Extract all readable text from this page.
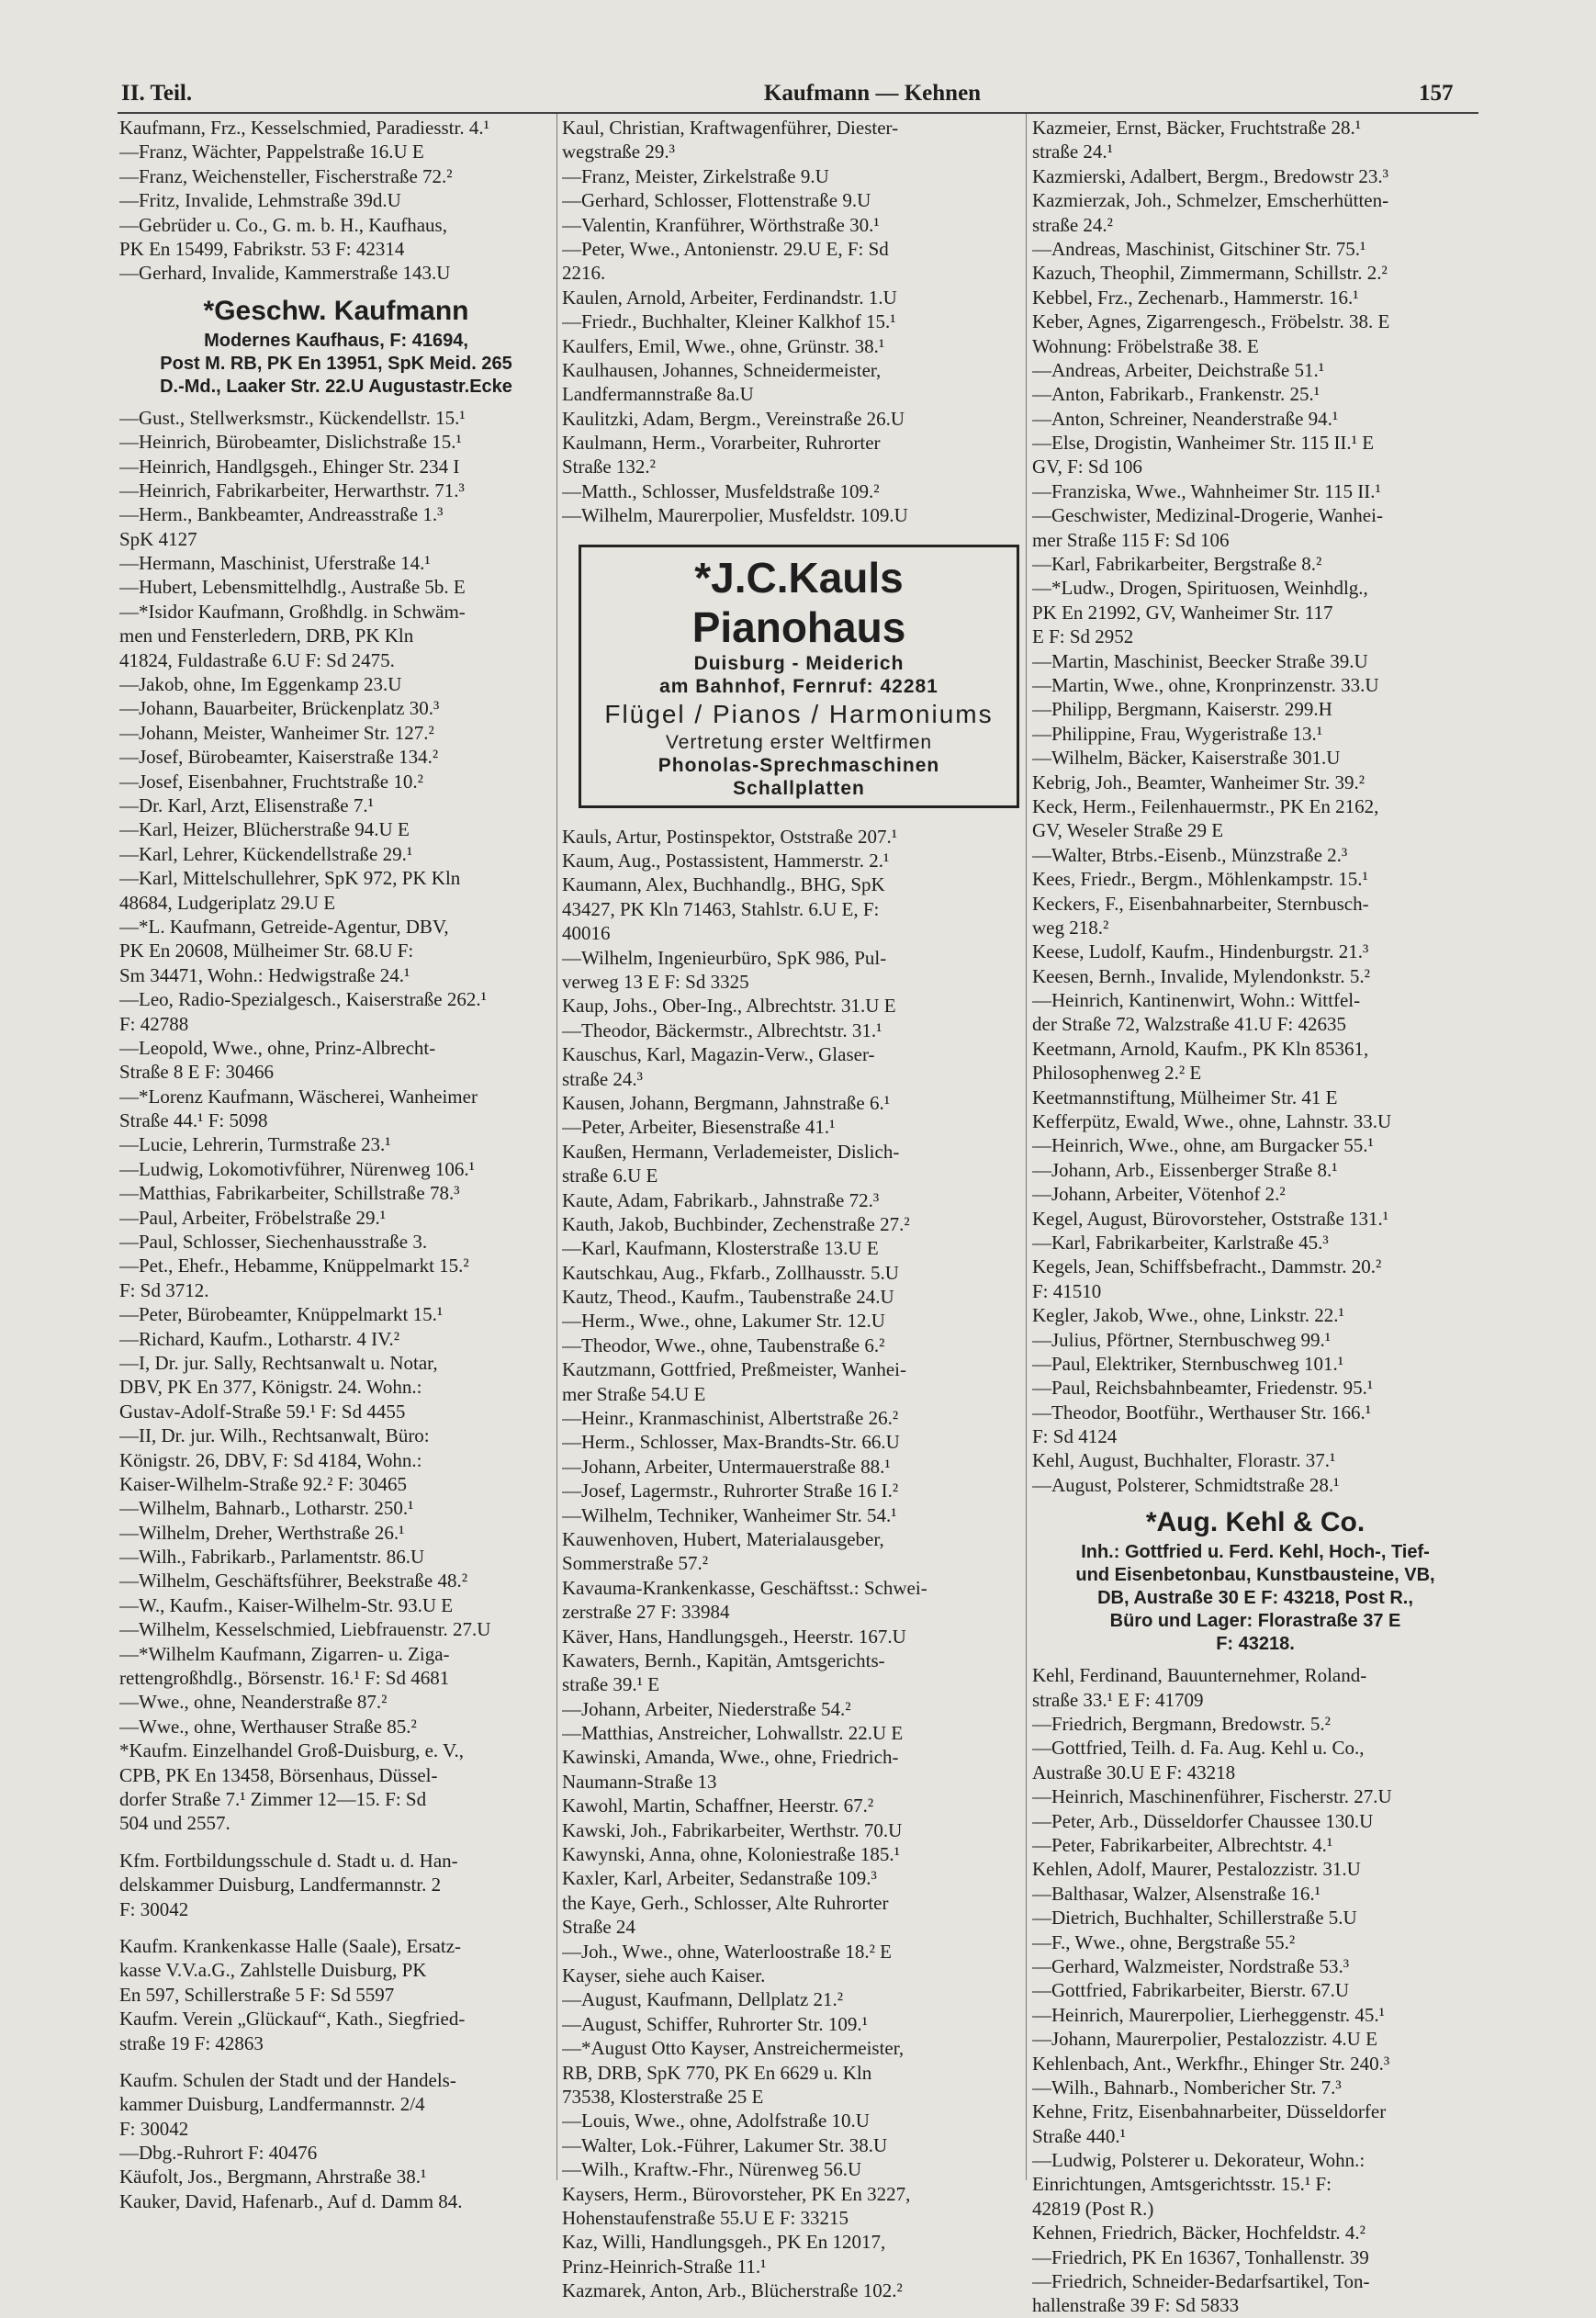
II. Teil.	Kaufmann — Kehnen	157
Kaufmann, Frz., Kesselschmied, Paradiesstr. 4.¹
—Franz, Wächter, Pappelstraße 16.U E
—Franz, Weichensteller, Fischerstraße 72.²
—Fritz, Invalide, Lehmstraße 39d.U
—Gebrüder u. Co., G. m. b. H., Kaufhaus,
PK En 15499, Fabrikstr. 53 F: 42314
—Gerhard, Invalide, Kammerstraße 143.U
*Geschw. Kaufmann
Modernes Kaufhaus, F: 41694,
Post M. RB, PK En 13951, SpK Meid. 265
D.-Md., Laaker Str. 22.U Augustastr.Ecke
—Gust., Stellwerksmstr., Kückendellstr. 15.¹
—Heinrich, Bürobeamter, Dislichstraße 15.¹
—Heinrich, Handlgsgeh., Ehinger Str. 234 I
—Heinrich, Fabrikarbeiter, Herwarthstr. 71.³
—Herm., Bankbeamter, Andreasstraße 1.³
SpK 4127
—Hermann, Maschinist, Uferstraße 14.¹
—Hubert, Lebensmittelhdlg., Austraße 5b. E
—*Isidor Kaufmann, Großhdlg. in Schwäm-
men und Fensterledern, DRB, PK Kln
41824, Fuldastraße 6.U F: Sd 2475.
—Jakob, ohne, Im Eggenkamp 23.U
—Johann, Bauarbeiter, Brückenplatz 30.³
—Johann, Meister, Wanheimer Str. 127.²
—Josef, Bürobeamter, Kaiserstraße 134.²
—Josef, Eisenbahner, Fruchtstraße 10.²
—Dr. Karl, Arzt, Elisenstraße 7.¹
—Karl, Heizer, Blücherstraße 94.U E
—Karl, Lehrer, Kückendellstraße 29.¹
—Karl, Mittelschullehrer, SpK 972, PK Kln
48684, Ludgeriplatz 29.U E
—*L. Kaufmann, Getreide-Agentur, DBV,
PK En 20608, Mülheimer Str. 68.U F:
Sm 34471, Wohn.: Hedwigstraße 24.¹
—Leo, Radio-Spezialgesch., Kaiserstraße 262.¹
F: 42788
—Leopold, Wwe., ohne, Prinz-Albrecht-
Straße 8 E F: 30466
—*Lorenz Kaufmann, Wäscherei, Wanheimer
Straße 44.¹ F: 5098
—Lucie, Lehrerin, Turmstraße 23.¹
—Ludwig, Lokomotivführer, Nürenweg 106.¹
—Matthias, Fabrikarbeiter, Schillstraße 78.³
—Paul, Arbeiter, Fröbelstraße 29.¹
—Paul, Schlosser, Siechenhausstraße 3.
—Pet., Ehefr., Hebamme, Knüppelmarkt 15.²
F: Sd 3712.
—Peter, Bürobeamter, Knüppelmarkt 15.¹
—Richard, Kaufm., Lotharstr. 4 IV.²
—I, Dr. jur. Sally, Rechtsanwalt u. Notar,
DBV, PK En 377, Königstr. 24. Wohn.:
Gustav-Adolf-Straße 59.¹ F: Sd 4455
—II, Dr. jur. Wilh., Rechtsanwalt, Büro:
Königstr. 26, DBV, F: Sd 4184, Wohn.:
Kaiser-Wilhelm-Straße 92.² F: 30465
—Wilhelm, Bahnarb., Lotharstr. 250.¹
—Wilhelm, Dreher, Werthstraße 26.¹
—Wilh., Fabrikarb., Parlamentstr. 86.U
—Wilhelm, Geschäftsführer, Beekstraße 48.²
—W., Kaufm., Kaiser-Wilhelm-Str. 93.U E
—Wilhelm, Kesselschmied, Liebfrauenstr. 27.U
—*Wilhelm Kaufmann, Zigarren- u. Ziga-
rettengroßhdlg., Börsenstr. 16.¹ F: Sd 4681
—Wwe., ohne, Neanderstraße 87.²
—Wwe., ohne, Werthauser Straße 85.²
*Kaufm. Einzelhandel Groß-Duisburg, e. V.,
CPB, PK En 13458, Börsenhaus, Düssel-
dorfer Straße 7.¹ Zimmer 12—15. F: Sd
504 und 2557.
Kfm. Fortbildungsschule d. Stadt u. d. Han-
delskammer Duisburg, Landfermannstr. 2
F: 30042
Kaufm. Krankenkasse Halle (Saale), Ersatz-
kasse V.V.a.G., Zahlstelle Duisburg, PK
En 597, Schillerstraße 5 F: Sd 5597
Kaufm. Verein „Glückauf“, Kath., Siegfried-
straße 19 F: 42863
Kaufm. Schulen der Stadt und der Handels-
kammer Duisburg, Landfermannstr. 2/4
F: 30042
—Dbg.-Ruhrort F: 40476
Käufolt, Jos., Bergmann, Ahrstraße 38.¹
Kauker, David, Hafenarb., Auf d. Damm 84.
Kaul, Christian, Kraftwagenführer, Diester-
wegstraße 29.³
—Franz, Meister, Zirkelstraße 9.U
—Gerhard, Schlosser, Flottenstraße 9.U
—Valentin, Kranführer, Wörthstraße 30.¹
—Peter, Wwe., Antonienstr. 29.U E, F: Sd
2216.
Kaulen, Arnold, Arbeiter, Ferdinandstr. 1.U
—Friedr., Buchhalter, Kleiner Kalkhof 15.¹
Kaulfers, Emil, Wwe., ohne, Grünstr. 38.¹
Kaulhausen, Johannes, Schneidermeister,
Landfermannstraße 8a.U
Kaulitzki, Adam, Bergm., Vereinstraße 26.U
Kaulmann, Herm., Vorarbeiter, Ruhrorter
Straße 132.²
—Matth., Schlosser, Musfeldstraße 109.²
—Wilhelm, Maurerpolier, Musfeldstr. 109.U
*J.C.Kauls Pianohaus
Duisburg - Meiderich
am Bahnhof, Fernruf: 42281
Flügel / Pianos / Harmoniums
Vertretung erster Weltfirmen
Phonolas-Sprechmaschinen
Schallplatten
Kauls, Artur, Postinspektor, Oststraße 207.¹
Kaum, Aug., Postassistent, Hammerstr. 2.¹
Kaumann, Alex, Buchhandlg., BHG, SpK
43427, PK Kln 71463, Stahlstr. 6.U E, F:
40016
—Wilhelm, Ingenieurbüro, SpK 986, Pul-
verweg 13 E F: Sd 3325
Kaup, Johs., Ober-Ing., Albrechtstr. 31.U E
—Theodor, Bäckermstr., Albrechtstr. 31.¹
Kauschus, Karl, Magazin-Verw., Glaser-
straße 24.³
Kausen, Johann, Bergmann, Jahnstraße 6.¹
—Peter, Arbeiter, Biesenstraße 41.¹
Kaußen, Hermann, Verlademeister, Dislich-
straße 6.U E
Kaute, Adam, Fabrikarb., Jahnstraße 72.³
Kauth, Jakob, Buchbinder, Zechenstraße 27.²
—Karl, Kaufmann, Klosterstraße 13.U E
Kautschkau, Aug., Fkfarb., Zollhausstr. 5.U
Kautz, Theod., Kaufm., Taubenstraße 24.U
—Herm., Wwe., ohne, Lakumer Str. 12.U
—Theodor, Wwe., ohne, Taubenstraße 6.²
Kautzmann, Gottfried, Preßmeister, Wanhei-
mer Straße 54.U E
—Heinr., Kranmaschinist, Albertstraße 26.²
—Herm., Schlosser, Max-Brandts-Str. 66.U
—Johann, Arbeiter, Untermauerstraße 88.¹
—Josef, Lagermstr., Ruhrorter Straße 16 I.²
—Wilhelm, Techniker, Wanheimer Str. 54.¹
Kauwenhoven, Hubert, Materialausgeber,
Sommerstraße 57.²
Kavauma-Krankenkasse, Geschäftsst.: Schwei-
zerstraße 27 F: 33984
Käver, Hans, Handlungsgeh., Heerstr. 167.U
Kawaters, Bernh., Kapitän, Amtsgerichts-
straße 39.¹ E
—Johann, Arbeiter, Niederstraße 54.²
—Matthias, Anstreicher, Lohwallstr. 22.U E
Kawinski, Amanda, Wwe., ohne, Friedrich-
Naumann-Straße 13
Kawohl, Martin, Schaffner, Heerstr. 67.²
Kawski, Joh., Fabrikarbeiter, Werthstr. 70.U
Kawynski, Anna, ohne, Koloniestraße 185.¹
Kaxler, Karl, Arbeiter, Sedanstraße 109.³
the Kaye, Gerh., Schlosser, Alte Ruhrorter
Straße 24
—Joh., Wwe., ohne, Waterloostraße 18.² E
Kayser, siehe auch Kaiser.
—August, Kaufmann, Dellplatz 21.²
—August, Schiffer, Ruhrorter Str. 109.¹
—*August Otto Kayser, Anstreichermeister,
RB, DRB, SpK 770, PK En 6629 u. Kln
73538, Klosterstraße 25 E
—Louis, Wwe., ohne, Adolfstraße 10.U
—Walter, Lok.-Führer, Lakumer Str. 38.U
—Wilh., Kraftw.-Fhr., Nürenweg 56.U
Kaysers, Herm., Bürovorsteher, PK En 3227,
Hohenstaufenstraße 55.U E F: 33215
Kaz, Willi, Handlungsgeh., PK En 12017,
Prinz-Heinrich-Straße 11.¹
Kazmarek, Anton, Arb., Blücherstraße 102.²
Kazmeier, Ernst, Bäcker, Fruchtstraße 28.¹
straße 24.¹
Kazmierski, Adalbert, Bergm., Bredowstr 23.³
Kazmierzak, Joh., Schmelzer, Emscherhütten-
straße 24.²
—Andreas, Maschinist, Gitschiner Str. 75.¹
Kazuch, Theophil, Zimmermann, Schillstr. 2.²
Kebbel, Frz., Zechenarb., Hammerstr. 16.¹
Keber, Agnes, Zigarrengesch., Fröbelstr. 38. E
Wohnung: Fröbelstraße 38. E
—Andreas, Arbeiter, Deichstraße 51.¹
—Anton, Fabrikarb., Frankenstr. 25.¹
—Anton, Schreiner, Neanderstraße 94.¹
—Else, Drogistin, Wanheimer Str. 115 II.¹ E
GV, F: Sd 106
—Franziska, Wwe., Wahnheimer Str. 115 II.¹
—Geschwister, Medizinal-Drogerie, Wanhei-
mer Straße 115 F: Sd 106
—Karl, Fabrikarbeiter, Bergstraße 8.²
—*Ludw., Drogen, Spirituosen, Weinhdlg.,
PK En 21992, GV, Wanheimer Str. 117
E F: Sd 2952
—Martin, Maschinist, Beecker Straße 39.U
—Martin, Wwe., ohne, Kronprinzenstr. 33.U
—Philipp, Bergmann, Kaiserstr. 299.H
—Philippine, Frau, Wygeristraße 13.¹
—Wilhelm, Bäcker, Kaiserstraße 301.U
Kebrig, Joh., Beamter, Wanheimer Str. 39.²
Keck, Herm., Feilenhauermstr., PK En 2162,
GV, Weseler Straße 29 E
—Walter, Btrbs.-Eisenb., Münzstraße 2.³
Kees, Friedr., Bergm., Möhlenkampstr. 15.¹
Keckers, F., Eisenbahnarbeiter, Sternbusch-
weg 218.²
Keese, Ludolf, Kaufm., Hindenburgstr. 21.³
Keesen, Bernh., Invalide, Mylendonkstr. 5.²
—Heinrich, Kantinenwirt, Wohn.: Wittfel-
der Straße 72, Walzstraße 41.U F: 42635
Keetmann, Arnold, Kaufm., PK Kln 85361,
Philosophenweg 2.² E
Keetmannstiftung, Mülheimer Str. 41 E
Kefferpütz, Ewald, Wwe., ohne, Lahnstr. 33.U
—Heinrich, Wwe., ohne, am Burgacker 55.¹
—Johann, Arb., Eissenberger Straße 8.¹
—Johann, Arbeiter, Vötenhof 2.²
Kegel, August, Bürovorsteher, Oststraße 131.¹
—Karl, Fabrikarbeiter, Karlstraße 45.³
Kegels, Jean, Schiffsbefracht., Dammstr. 20.²
F: 41510
Kegler, Jakob, Wwe., ohne, Linkstr. 22.¹
—Julius, Pförtner, Sternbuschweg 99.¹
—Paul, Elektriker, Sternbuschweg 101.¹
—Paul, Reichsbahnbeamter, Friedenstr. 95.¹
—Theodor, Bootführ., Werthauser Str. 166.¹
F: Sd 4124
Kehl, August, Buchhalter, Florastr. 37.¹
—August, Polsterer, Schmidtstraße 28.¹
*Aug. Kehl & Co.
Inh.: Gottfried u. Ferd. Kehl, Hoch-, Tief-
und Eisenbetonbau, Kunstbausteine, VB,
DB, Austraße 30 E F: 43218, Post R.,
Büro und Lager: Florastraße 37 E
F: 43218.
Kehl, Ferdinand, Bauunternehmer, Roland-
straße 33.¹ E F: 41709
—Friedrich, Bergmann, Bredowstr. 5.²
—Gottfried, Teilh. d. Fa. Aug. Kehl u. Co.,
Austraße 30.U E F: 43218
—Heinrich, Maschinenführer, Fischerstr. 27.U
—Peter, Arb., Düsseldorfer Chaussee 130.U
—Peter, Fabrikarbeiter, Albrechtstr. 4.¹
Kehlen, Adolf, Maurer, Pestalozzistr. 31.U
—Balthasar, Walzer, Alsenstraße 16.¹
—Dietrich, Buchhalter, Schillerstraße 5.U
—F., Wwe., ohne, Bergstraße 55.²
—Gerhard, Walzmeister, Nordstraße 53.³
—Gottfried, Fabrikarbeiter, Bierstr. 67.U
—Heinrich, Maurerpolier, Lierheggenstr. 45.¹
—Johann, Maurerpolier, Pestalozzistr. 4.U E
Kehlenbach, Ant., Werkfhr., Ehinger Str. 240.³
—Wilh., Bahnarb., Nombericher Str. 7.³
Kehne, Fritz, Eisenbahnarbeiter, Düsseldorfer
Straße 440.¹
—Ludwig, Polsterer u. Dekorateur, Wohn.:
Einrichtungen, Amtsgerichtsstr. 15.¹ F:
42819 (Post R.)
Kehnen, Friedrich, Bäcker, Hochfeldstr. 4.²
—Friedrich, PK En 16367, Tonhallenstr. 39
—Friedrich, Schneider-Bedarfsartikel, Ton-
hallenstraße 39 F: Sd 5833
